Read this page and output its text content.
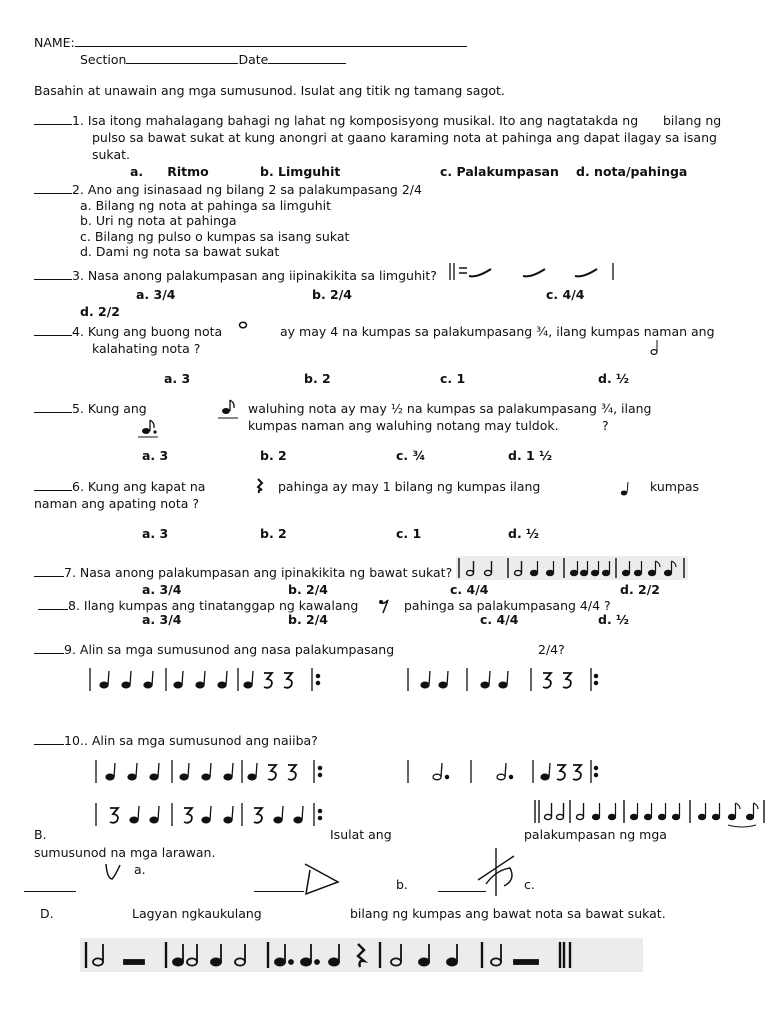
NAME:
Section	Date
Basahin at unawain ang mga sumusunod. Isulat ang titik ng tamang sagot.
1. Isa itong mahalagang bahagi ng lahat ng komposisyong musikal. Ito ang nagtatakda ng bilang ng
pulso sa bawat sukat at kung anongri at gaano karaming nota at pahinga ang dapat ilagay sa isang
sukat.
a. Ritmo	b. Limguhit	c. Palakumpasan d. nota/pahinga
2. Ano ang isinasaad ng bilang 2 sa palakumpasang 2/4
a. Bilang ng nota at pahinga sa limguhit
b. Uri ng nota at pahinga
c. Bilang ng pulso o kumpas sa isang sukat
d. Dami ng nota sa bawat sukat
3. Nasa anong palakumpasan ang iipinakikita sa limguhit?
a. 3/4	b. 2/4	c. 4/4
d. 2/2
4. Kung ang buong nota	ay may 4 na kumpas sa palakumpasang ¾, ilang kumpas naman ang
kalahating nota ?
a. 3	b. 2	c. 1	d. ½
5. Kung ang	waluhing nota ay may ½ na kumpas sa palakumpasang ¾, ilang
kumpas naman ang waluhing notang may tuldok.	?
a. 3	b. 2	c. ¾	d. 1 ½
6. Kung ang kapat na	pahinga ay may 1 bilang ng kumpas ilang	kumpas
naman ang apating nota ?
a. 3	b. 2	c. 1	d. ½
7. Nasa anong palakumpasan ang ipinakikita ng bawat sukat?
a. 3/4	b. 2/4	c. 4/4	d. 2/2
8. Ilang kumpas ang tinatanggap ng kawalang	pahinga sa palakumpasang 4/4 ?
a. 3/4	b. 2/4	c. 4/4	d. ½
9. Alin sa mga sumusunod ang nasa palakumpasang	2/4?
10.. Alin sa mga sumusunod ang naiiba?
B.	Isulat ang	palakumpasan ng mga
sumusunod na mga larawan.
a.
b.	c.
D.	Lagyan ngkaukulang	bilang ng kumpas ang bawat nota sa bawat sukat.
